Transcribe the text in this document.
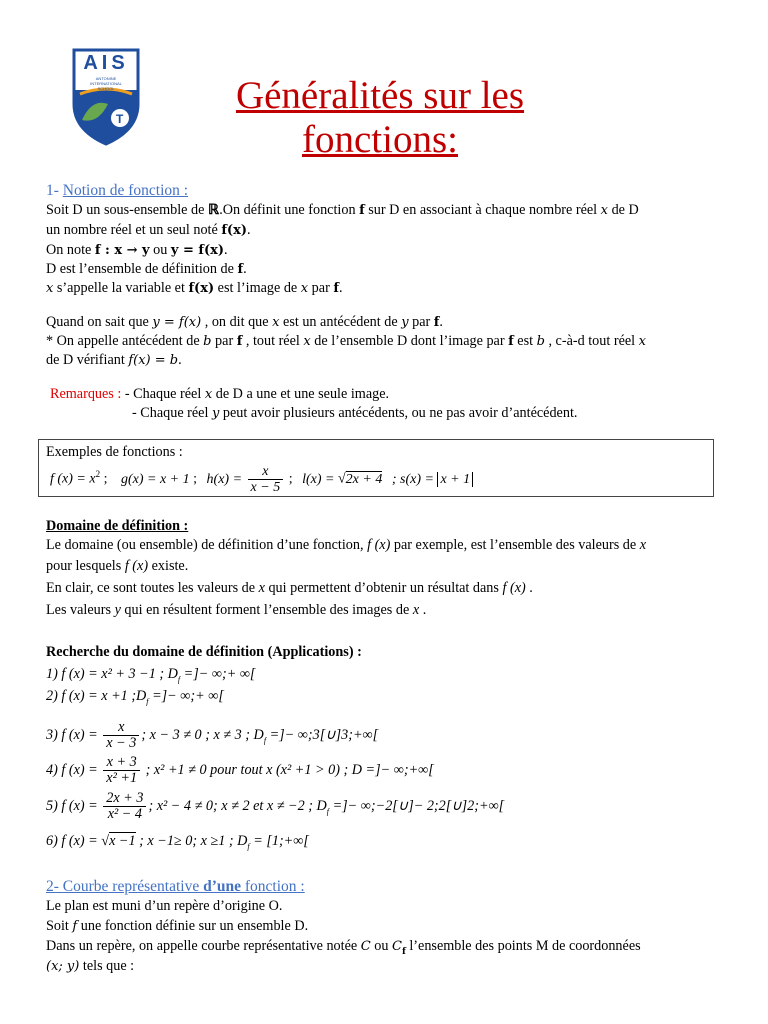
T
AIS
ANTONINE INTERNATIONAL SCHOOL	Généralités sur les
fonctions:
1- Notion de fonction :
Soit D un sous-ensemble de ℝ.On définit une fonction f sur D en associant à chaque nombre réel x de D
un nombre réel et un seul noté f(x).
On note f : x → y ou y = f(x).
D est l’ensemble de définition de f.
x s’appelle la variable et f(x) est l’image de x par f.
Quand on sait que y = f(x) , on dit que x est un antécédent de y par f.
* On appelle antécédent de b par f , tout réel x de l’ensemble D dont l’image par f est b , c-à-d tout réel x
de D vérifiant f(x) = b.
Remarques : - Chaque réel x de D a une et une seule image.
- Chaque réel y peut avoir plusieurs antécédents, ou ne pas avoir d’antécédent.
Exemples de fonctions :
f $(x) = x^2$ ; g(x) = x + 1 ; $h(x) = \frac{x}{x - 5}$ ; l(x) = √2x + 4 ; s(x) = x + 1
Domaine de définition :
Le domaine (ou ensemble) de définition d’une fonction, f (x) par exemple, est l’ensemble des valeurs de x
pour lesquels f (x) existe.
En clair, ce sont toutes les valeurs de x qui permettent d’obtenir un résultat dans f (x) .
Les valeurs y qui en résultent forment l’ensemble des images de x .
Recherche du domaine de définition (Applications) :
1) f (x) = x² + 3 −1 ; $D_f$ =]− ∞;+ ∞[
2) f (x) = x +1 $;D_f$ =]− ∞;+ ∞[
3) f $(x) = \frac{x}{x - 3}$ ; x − 3 ≠ 0 ; x ≠ 3 ; $D_f$ =]− ∞;3[∪]3;+∞[
4) f $(x) = \frac{x + 3}{\text{x² +1}}$ ; x² +1 ≠ 0 pour tout x (x² +1 > 0) ; D =]− ∞;+∞[
5) f $(x) = \frac{2x + 3}{\text{x² − 4}}$ ; x² − 4 ≠ 0; x ≠ 2 et x ≠ −2 ; $D_f$ =]− ∞;−2[∪]− 2;2[∪]2;+∞[
6) f (x) = √x −1 ; x −1≥ 0; x ≥1 ; $D_f$ = [1;+∞[
2- Courbe représentative d’une fonction :
Le plan est muni d’un repère d’origine O.
Soit f une fonction définie sur un ensemble D.
Dans un repère, on appelle courbe représentative notée C ou $C_f$ l’ensemble des points M de coordonnées
(x; y) tels que :
